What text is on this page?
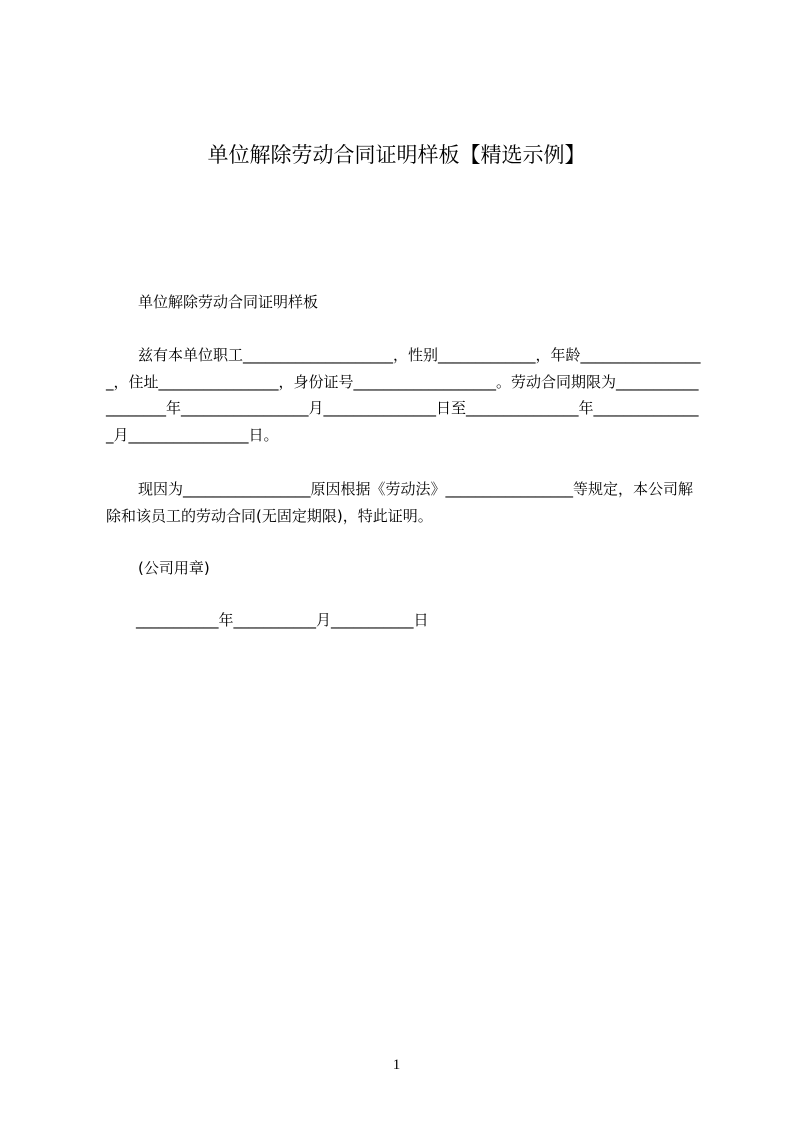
单位解除劳动合同证明样板【精选示例】
单位解除劳动合同证明样板
兹有本单位职工____________________，性别_____________，年龄_________________，住址________________，身份证号___________________。劳动合同期限为___________________年_________________月_______________日至_______________年_______________月________________日。
现因为_________________原因根据《劳动法》_________________等规定，本公司解除和该员工的劳动合同(无固定期限)，特此证明。
(公司用章)
___________年___________月___________日
1
